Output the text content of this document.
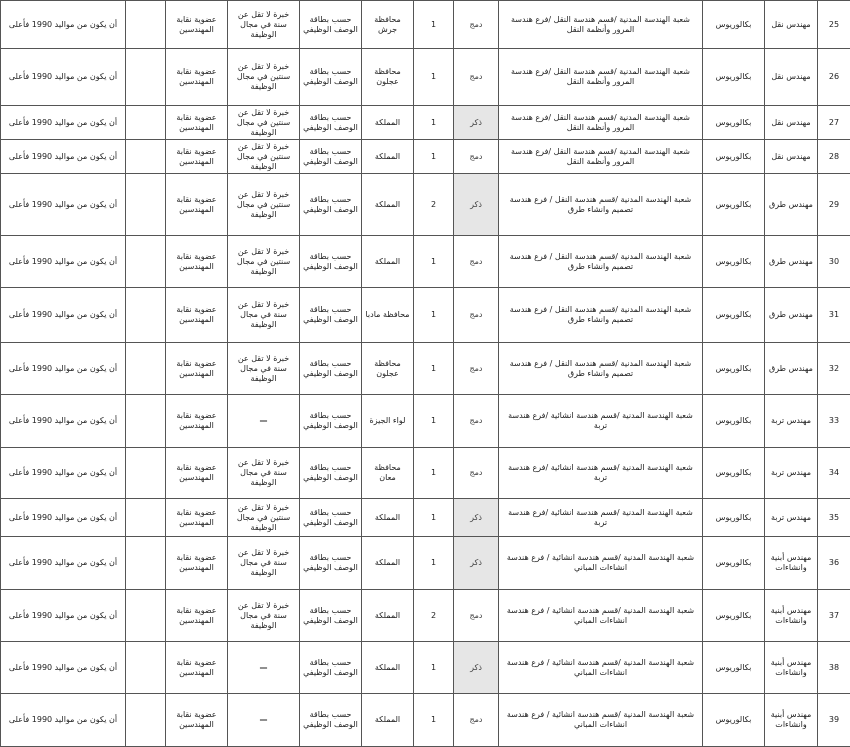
25	مهندس نقل	بكالوريوس	شعبة الهندسة المدنية /قسم هندسة النقل /فرع هندسة المرور وأنظمة النقل	دمج	1	محافظة جرش	حسب بطاقة الوصف الوظيفي	خبرة لا تقل عن سنة في مجال الوظيفة	عضوية نقابة المهندسين		أن يكون من مواليد 1990 فأعلى
26	مهندس نقل	بكالوريوس	شعبة الهندسة المدنية /قسم هندسة النقل /فرع هندسة المرور وأنظمة النقل	دمج	1	محافظة عجلون	حسب بطاقة الوصف الوظيفي	خبرة لا تقل عن سنتين في مجال الوظيفة	عضوية نقابة المهندسين		أن يكون من مواليد 1990 فأعلى
27	مهندس نقل	بكالوريوس	شعبة الهندسة المدنية /قسم هندسة النقل /فرع هندسة المرور وأنظمة النقل	ذكر	1	المملكة	حسب بطاقة الوصف الوظيفي	خبرة لا تقل عن سنتين في مجال الوظيفة	عضوية نقابة المهندسين		أن يكون من مواليد 1990 فأعلى
28	مهندس نقل	بكالوريوس	شعبة الهندسة المدنية /قسم هندسة النقل /فرع هندسة المرور وأنظمة النقل	دمج	1	المملكة	حسب بطاقة الوصف الوظيفي	خبرة لا تقل عن سنتين في مجال الوظيفة	عضوية نقابة المهندسين		أن يكون من مواليد 1990 فأعلى
29	مهندس طرق	بكالوريوس	شعبة الهندسة المدنية /قسم هندسة النقل / فرع هندسة تصميم وانشاء طرق	ذكر	2	المملكة	حسب بطاقة الوصف الوظيفي	خبرة لا تقل عن سنتين في مجال الوظيفة	عضوية نقابة المهندسين		أن يكون من مواليد 1990 فأعلى
30	مهندس طرق	بكالوريوس	شعبة الهندسة المدنية /قسم هندسة النقل / فرع هندسة تصميم وانشاء طرق	دمج	1	المملكة	حسب بطاقة الوصف الوظيفي	خبرة لا تقل عن سنتين في مجال الوظيفة	عضوية نقابة المهندسين		أن يكون من مواليد 1990 فأعلى
31	مهندس طرق	بكالوريوس	شعبة الهندسة المدنية /قسم هندسة النقل / فرع هندسة تصميم وانشاء طرق	دمج	1	محافظة مادبا	حسب بطاقة الوصف الوظيفي	خبرة لا تقل عن سنة في مجال الوظيفة	عضوية نقابة المهندسين		أن يكون من مواليد 1990 فأعلى
32	مهندس طرق	بكالوريوس	شعبة الهندسة المدنية /قسم هندسة النقل / فرع هندسة تصميم وانشاء طرق	دمج	1	محافظة عجلون	حسب بطاقة الوصف الوظيفي	خبرة لا تقل عن سنة في مجال الوظيفة	عضوية نقابة المهندسين		أن يكون من مواليد 1990 فأعلى
33	مهندس تربة	بكالوريوس	شعبة الهندسة المدنية /قسم هندسة انشائية /فرع هندسة تربة	دمج	1	لواء الجيزة	حسب بطاقة الوصف الوظيفي	—	عضوية نقابة المهندسين		أن يكون من مواليد 1990 فأعلى
34	مهندس تربة	بكالوريوس	شعبة الهندسة المدنية /قسم هندسة انشائية /فرع هندسة تربة	دمج	1	محافظة معان	حسب بطاقة الوصف الوظيفي	خبرة لا تقل عن سنة في مجال الوظيفة	عضوية نقابة المهندسين		أن يكون من مواليد 1990 فأعلى
35	مهندس تربة	بكالوريوس	شعبة الهندسة المدنية /قسم هندسة انشائية /فرع هندسة تربة	ذكر	1	المملكة	حسب بطاقة الوصف الوظيفي	خبرة لا تقل عن سنتين في مجال الوظيفة	عضوية نقابة المهندسين		أن يكون من مواليد 1990 فأعلى
36	مهندس أبنية وانشاءات	بكالوريوس	شعبة الهندسة المدنية /قسم هندسة انشائية / فرع هندسة انشاءات المباني	ذكر	1	المملكة	حسب بطاقة الوصف الوظيفي	خبرة لا تقل عن سنة في مجال الوظيفة	عضوية نقابة المهندسين		أن يكون من مواليد 1990 فأعلى
37	مهندس أبنية وانشاءات	بكالوريوس	شعبة الهندسة المدنية /قسم هندسة انشائية / فرع هندسة انشاءات المباني	دمج	2	المملكة	حسب بطاقة الوصف الوظيفي	خبرة لا تقل عن سنة في مجال الوظيفة	عضوية نقابة المهندسين		أن يكون من مواليد 1990 فأعلى
38	مهندس أبنية وانشاءات	بكالوريوس	شعبة الهندسة المدنية /قسم هندسة انشائية / فرع هندسة انشاءات المباني	ذكر	1	المملكة	حسب بطاقة الوصف الوظيفي	—	عضوية نقابة المهندسين		أن يكون من مواليد 1990 فأعلى
39	مهندس أبنية وانشاءات	بكالوريوس	شعبة الهندسة المدنية /قسم هندسة انشائية / فرع هندسة انشاءات المباني	دمج	1	المملكة	حسب بطاقة الوصف الوظيفي	—	عضوية نقابة المهندسين		أن يكون من مواليد 1990 فأعلى
